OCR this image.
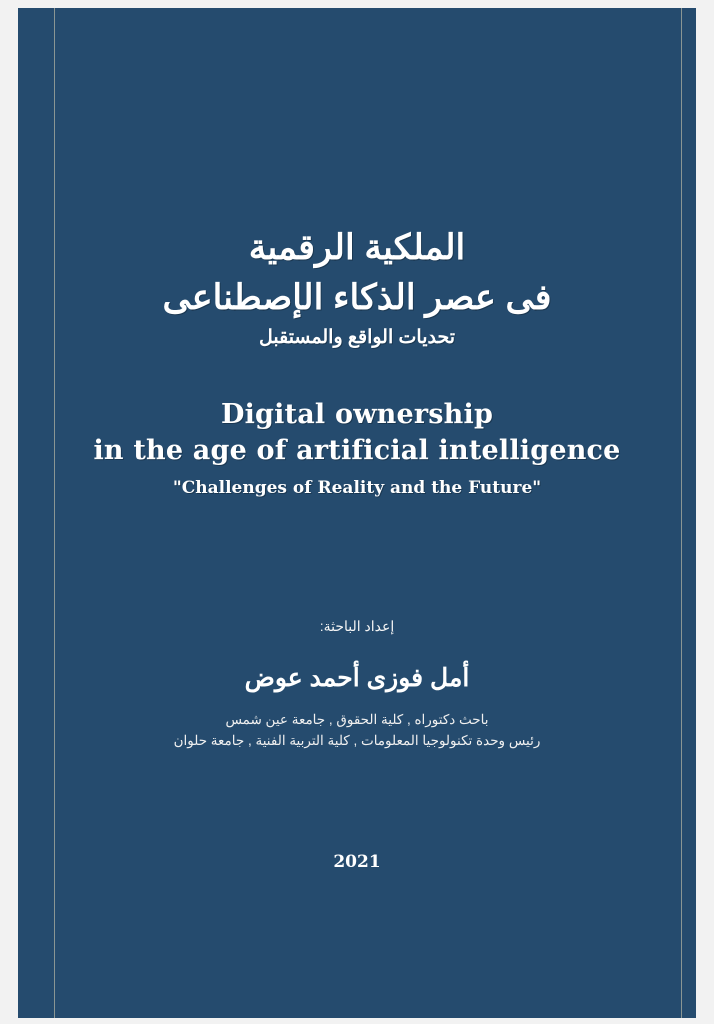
الملكية الرقمية
فى عصر الذكاء الإصطناعى
تحديات الواقع والمستقبل
Digital ownership
in the age of artificial intelligence
"Challenges of Reality and the Future"
إعداد الباحثة:
أمل فوزى أحمد عوض
باحث دكتوراه , كلية الحقوق , جامعة عين شمس
رئيس وحدة تكنولوجيا المعلومات , كلية التربية الفنية , جامعة حلوان
2021
